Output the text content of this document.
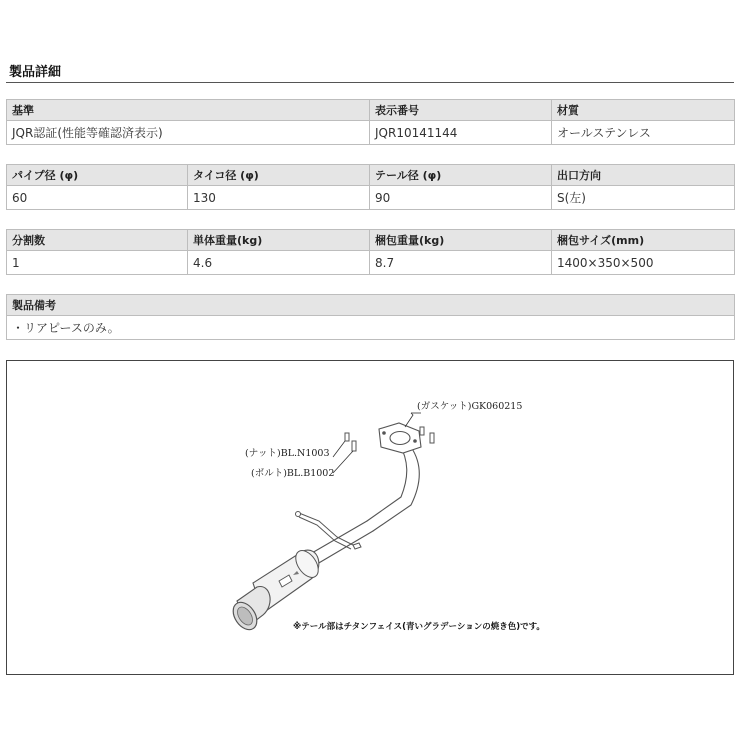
製品詳細
基準	表示番号	材質
JQR認証(性能等確認済表示)	JQR10141144	オールステンレス
パイプ径 (φ)	タイコ径 (φ)	テール径 (φ)	出口方向
60	130	90	S(左)
分割数	単体重量(kg)	梱包重量(kg)	梱包サイズ(mm)
1	4.6	8.7	1400×350×500
製品備考
・リアピースのみ。
(ガスケット)GK060215
(ナット)BL.N1003
(ボルト)BL.B1002
※テール部はチタンフェイス(青いグラデーションの焼き色)です。
